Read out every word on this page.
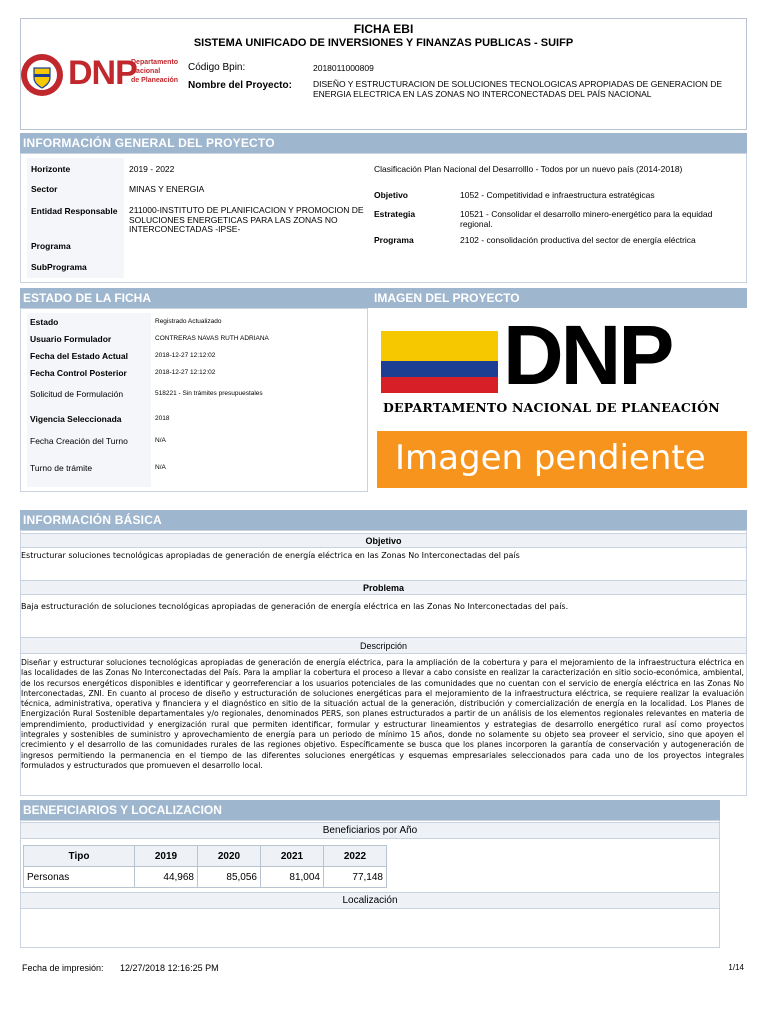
FICHA EBI
SISTEMA UNIFICADO DE INVERSIONES Y FINANZAS PUBLICAS - SUIFP
DNP
Departamento
Nacional
de Planeación
Código Bpin:	2018011000809
Nombre del Proyecto: DISEÑO Y ESTRUCTURACION DE SOLUCIONES TECNOLOGICAS APROPIADAS DE GENERACION DE ENERGIA ELECTRICA EN LAS ZONAS NO INTERCONECTADAS DEL PAÍS NACIONAL
INFORMACIÓN GENERAL DEL PROYECTO
Horizonte	2019 - 2022
Sector	MINAS Y ENERGIA
Entidad Responsable 211000-INSTITUTO DE PLANIFICACION Y PROMOCION DE SOLUCIONES ENERGETICAS PARA LAS ZONAS NO INTERCONECTADAS -IPSE-
Programa
SubPrograma
Clasificación Plan Nacional del Desarrolllo - Todos por un nuevo país (2014-2018)
Objetivo	1052 - Competitividad e infraestructura estratégicas
Estrategia	10521 - Consolidar el desarrollo minero-energético para la equidad regional.
Programa	2102 - consolidación productiva del sector de energía eléctrica
ESTADO DE LA FICHA	IMAGEN DEL PROYECTO
Estado	Registrado Actualizado
Usuario Formulador	CONTRERAS NAVAS RUTH ADRIANA
Fecha del Estado Actual	2018-12-27 12:12:02
Fecha Control Posterior	2018-12-27 12:12:02
Solicitud de Formulación	518221 - Sin trámites presupuestales
Vigencia Seleccionada	2018
Fecha Creación del Turno	N/A
Turno de trámite	N/A
DNP
DEPARTAMENTO NACIONAL DE PLANEACIÓN
Imagen pendiente
INFORMACIÓN BÁSICA
Objetivo
Estructurar soluciones tecnológicas apropiadas de generación de energía eléctrica en las Zonas No Interconectadas del país
Problema
Baja estructuración de soluciones tecnológicas apropiadas de generación de energía eléctrica en las Zonas No Interconectadas del país.
Descripción
Diseñar y estructurar soluciones tecnológicas apropiadas de generación de energía eléctrica, para la ampliación de la cobertura y para el mejoramiento de la infraestructura eléctrica en las localidades de las Zonas No Interconectadas del País. Para la ampliar la cobertura el proceso a llevar a cabo consiste en realizar la caracterización en sitio socio-económica, ambiental, de los recursos energéticos disponibles e identificar y georreferenciar a los usuarios potenciales de las comunidades que no cuentan con el servicio de energía eléctrica en las Zonas No Interconectadas, ZNI. En cuanto al proceso de diseño y estructuración de soluciones energéticas para el mejoramiento de la infraestructura eléctrica, se requiere realizar la evaluación técnica, administrativa, operativa y financiera y el diagnóstico en sitio de la situación actual de la generación, distribución y comercialización de energía en la localidad. Los Planes de Energización Rural Sostenible departamentales y/o regionales, denominados PERS, son planes estructurados a partir de un análisis de los elementos regionales relevantes en materia de emprendimiento, productividad y energización rural que permiten identificar, formular y estructurar lineamientos y estrategias de desarrollo energético rural así como proyectos integrales y sostenibles de suministro y aprovechamiento de energía para un periodo de mínimo 15 años, donde no solamente su objeto sea proveer el servicio, sino que apoyen el crecimiento y el desarrollo de las comunidades rurales de las regiones objetivo. Específicamente se busca que los planes incorporen la garantía de conservación y autogeneración de ingresos permitiendo la permanencia en el tiempo de las diferentes soluciones energéticas y esquemas empresariales seleccionados para cada uno de los proyectos integrales formulados y estructurados que promueven el desarrollo local.
BENEFICIARIOS Y LOCALIZACION
Beneficiarios por Año
Tipo	2019	2020	2021	2022
Personas	44,968	85,056	81,004	77,148
Localización
Fecha de impresión: 12/27/2018 12:16:25 PM	1/14
